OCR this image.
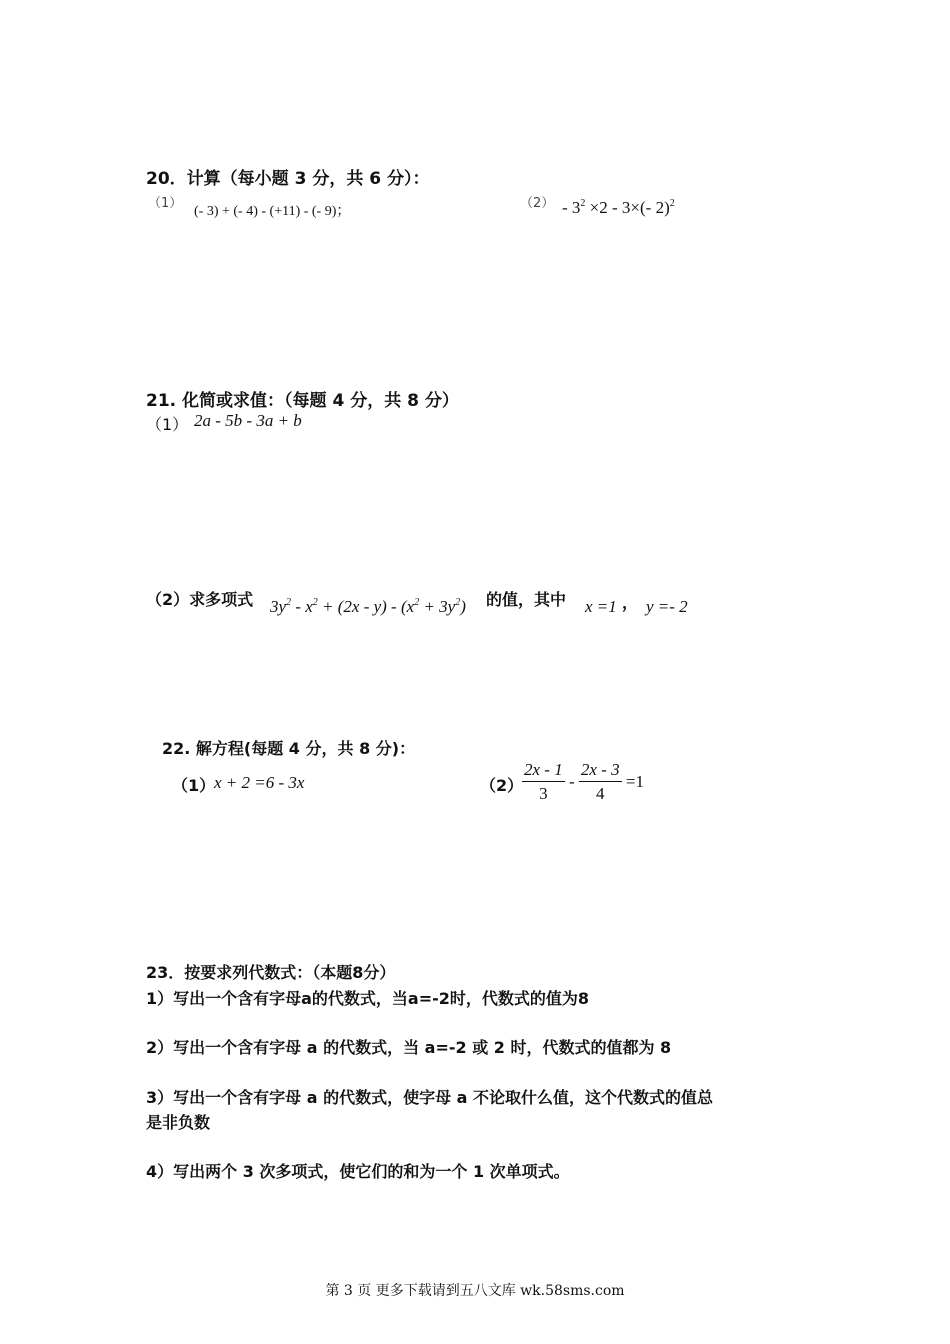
20．计算（每小题 3 分，共 6 分）：
（1）
(- 3) + (- 4) - (+11) - (- 9)；
$(2) - 3^2 \times 2 - 3\times(-$ 2)$^2$
21. 化简或求值：（每题 4 分，共 8 分）
（1） 2a - 5b - 3a + b
（2）求多项式 $3y^2 - x^2 + (2x - y) - (x^2 + 3y^2)$ 的值，其中 x =1 ， y =- 2
22. 解方程(每题 4 分，共 8 分)：
（1）
x + 2 =6 - 3x	（2）
$\frac{2x - 1}{3} - \frac{2x - 3}{4} =1$
23．按要求列代数式：（本题8分）
1）写出一个含有字母a的代数式，当a=-2时，代数式的值为8
2）写出一个含有字母 a 的代数式，当 a=-2 或 2 时，代数式的值都为 8
3）写出一个含有字母 a 的代数式，使字母 a 不论取什么值，这个代数式的值总
是非负数
4）写出两个 3 次多项式，使它们的和为一个 1 次单项式。
第 3 页 更多下载请到五八文库 wk.58sms.com
